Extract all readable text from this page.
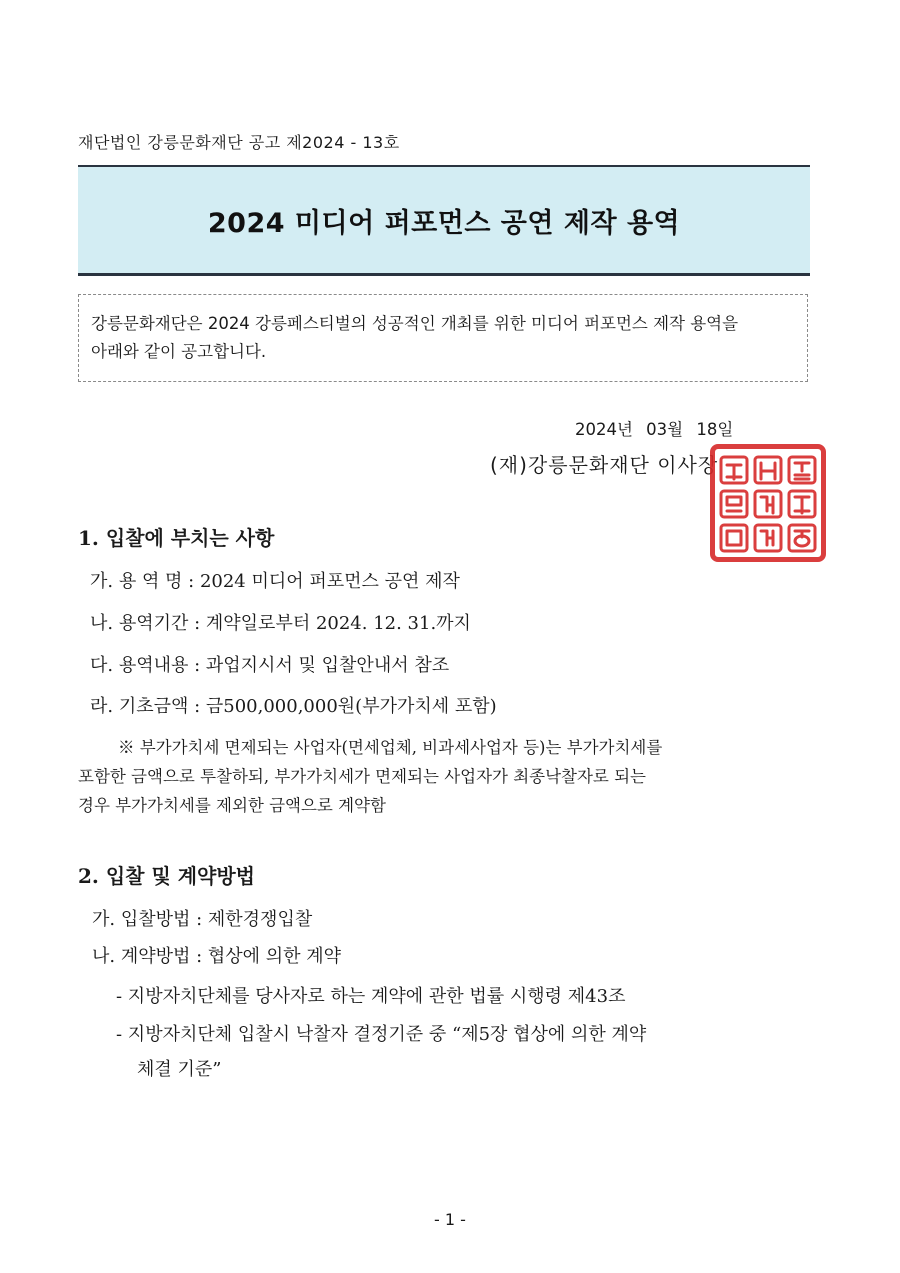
재단법인 강릉문화재단 공고 제2024 - 13호
2024 미디어 퍼포먼스 공연 제작 용역
강릉문화재단은 2024 강릉페스티벌의 성공적인 개최를 위한 미디어 퍼포먼스 제작 용역을
아래와 같이 공고합니다.
2024년 03월 18일
(재)강릉문화재단 이사장
1. 입찰에 부치는 사항
가. 용 역 명 : 2024 미디어 퍼포먼스 공연 제작
나. 용역기간 : 계약일로부터 2024. 12. 31.까지
다. 용역내용 : 과업지시서 및 입찰안내서 참조
라. 기초금액 : 금500,000,000원(부가가치세 포함)
※ 부가가치세 면제되는 사업자(면세업체, 비과세사업자 등)는 부가가치세를
포함한 금액으로 투찰하되, 부가가치세가 면제되는 사업자가 최종낙찰자로 되는
경우 부가가치세를 제외한 금액으로 계약함
2. 입찰 및 계약방법
가. 입찰방법 : 제한경쟁입찰
나. 계약방법 : 협상에 의한 계약
- 지방자치단체를 당사자로 하는 계약에 관한 법률 시행령 제43조
- 지방자치단체 입찰시 낙찰자 결정기준 중 “제5장 협상에 의한 계약
체결 기준”
- 1 -
